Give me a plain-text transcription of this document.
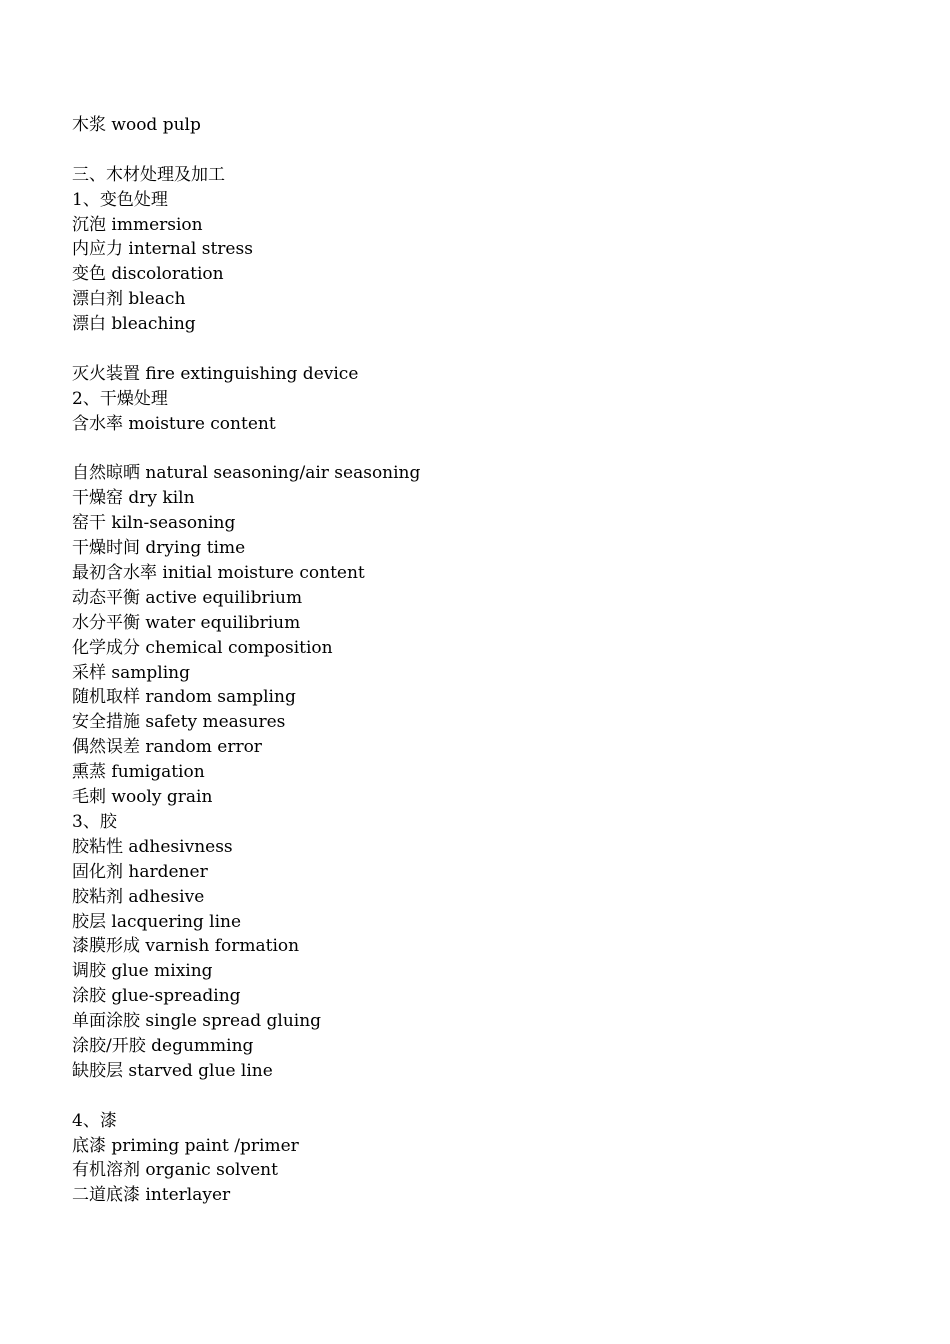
木浆 wood pulp
三、木材处理及加工
1、变色处理
沉泡 immersion
内应力 internal stress
变色 discoloration
漂白剂 bleach
漂白 bleaching
灭火装置 fire extinguishing device
2、干燥处理
含水率 moisture content
自然晾晒 natural seasoning/air seasoning
干燥窑 dry kiln
窑干 kiln-seasoning
干燥时间 drying time
最初含水率 initial moisture content
动态平衡 active equilibrium
水分平衡 water equilibrium
化学成分 chemical composition
采样 sampling
随机取样 random sampling
安全措施 safety measures
偶然误差 random error
熏蒸 fumigation
毛刺 wooly grain
3、胶
胶粘性 adhesivness
固化剂 hardener
胶粘剂 adhesive
胶层 lacquering line
漆膜形成 varnish formation
调胶 glue mixing
涂胶 glue-spreading
单面涂胶 single spread gluing
涂胶/开胶 degumming
缺胶层 starved glue line
4、漆
底漆 priming paint /primer
有机溶剂 organic solvent
二道底漆 interlayer
